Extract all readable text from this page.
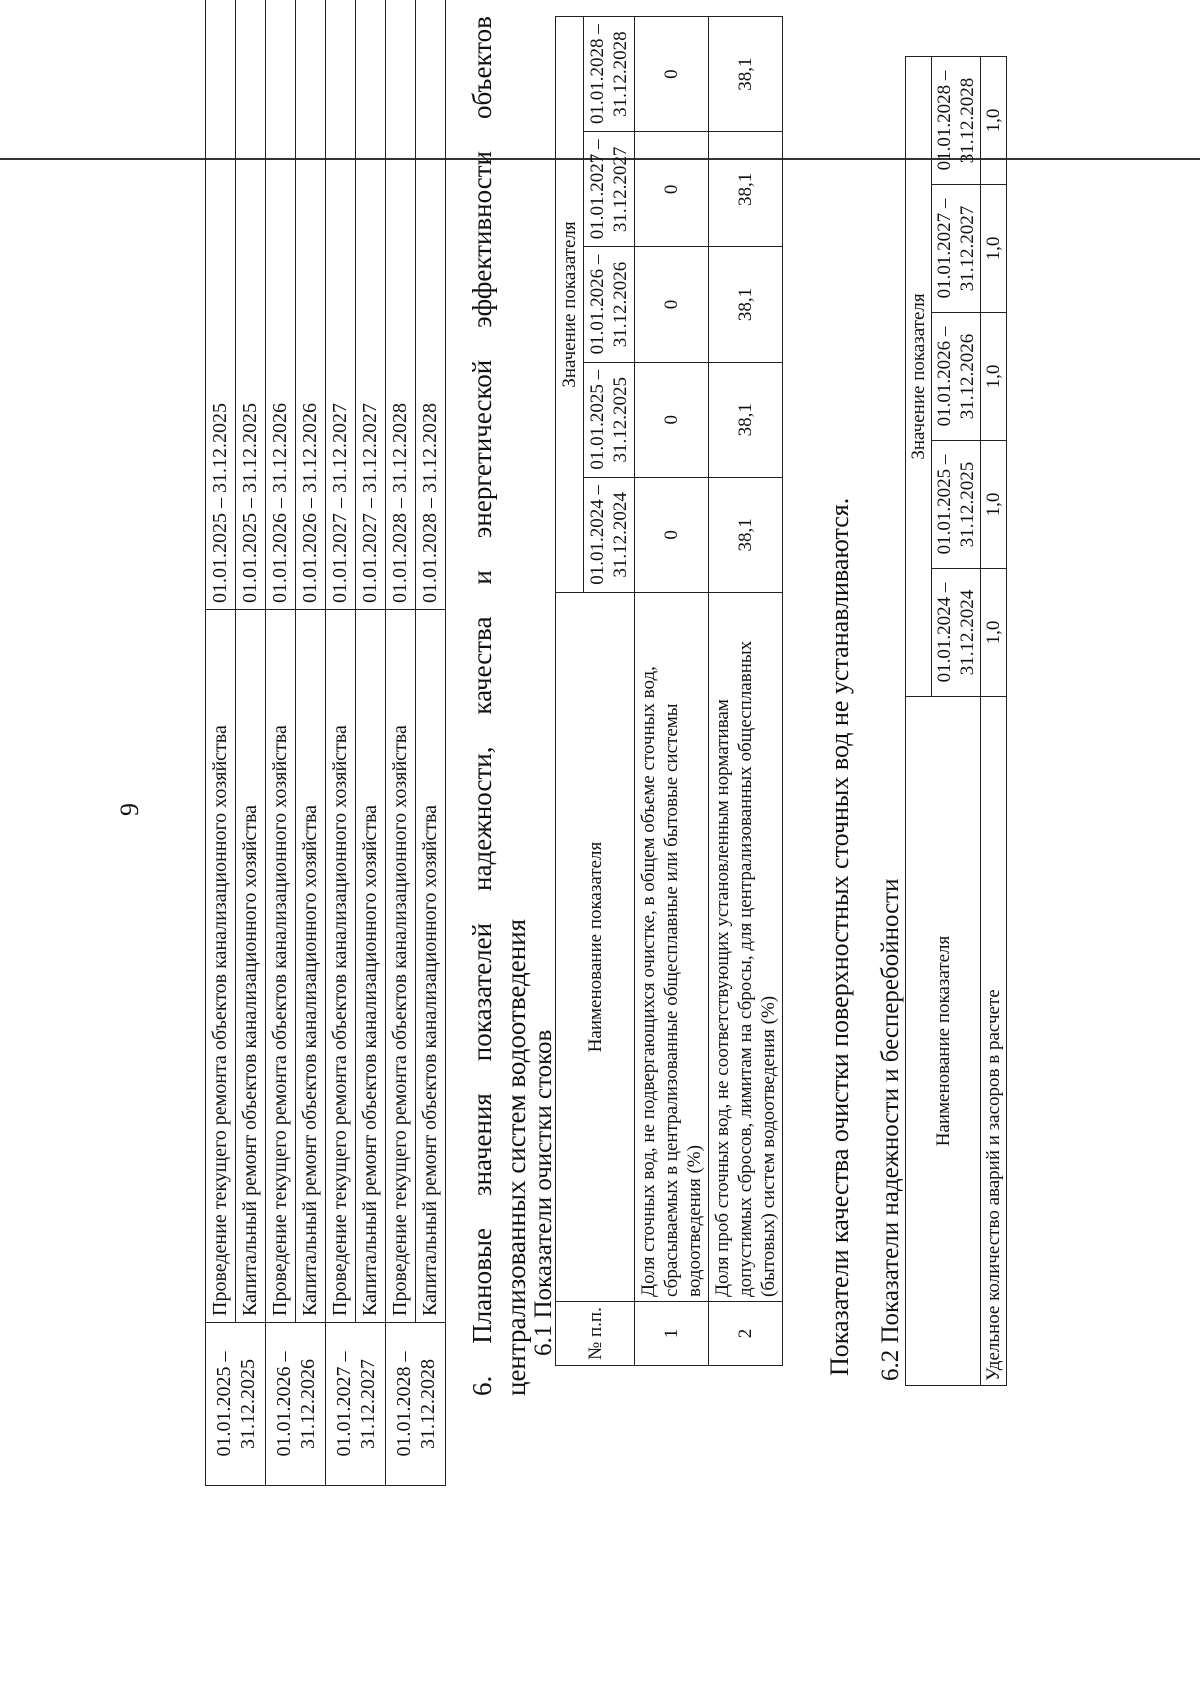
01.01.2025 – 31.12.2025	Проведение текущего ремонта объектов канализационного хозяйства	01.01.2025 – 31.12.2025
	Капитальный ремонт объектов канализационного хозяйства	01.01.2025 – 31.12.2025
01.01.2026 – 31.12.2026	Проведение текущего ремонта объектов канализационного хозяйства	01.01.2026 – 31.12.2026
	Капитальный ремонт объектов канализационного хозяйства	01.01.2026 – 31.12.2026
01.01.2027 – 31.12.2027	Проведение текущего ремонта объектов канализационного хозяйства	01.01.2027 – 31.12.2027
	Капитальный ремонт объектов канализационного хозяйства	01.01.2027 – 31.12.2027
01.01.2028 – 31.12.2028	Проведение текущего ремонта объектов канализационного хозяйства	01.01.2028 – 31.12.2028
	Капитальный ремонт объектов канализационного хозяйства	01.01.2028 – 31.12.2028
9
6.
Плановые
значения
показателей
надежности,
качества
и
энергетической
эффективности
объектов
централизованных систем водоотведения 6.1 Показатели очистки стоков № п.п.	Наименование показателя	Значение показателя				
		01.01.2024 – 31.12.2024	01.01.2025 – 31.12.2025	01.01.2026 – 31.12.2026	01.01.2027 – 31.12.2027	01.01.2028 – 31.12.2028
1	Доля сточных вод, не подвергающихся очистке, в общем объеме сточных вод, сбрасываемых в централизованные общесплавные или бытовые системы водоотведения (%)	0	0	0	0	0
2	Доля проб сточных вод, не соответствующих установленным нормативам допустимых сбросов, лимитам на сбросы, для централизованных общесплавных (бытовых) систем водоотведения (%)	38,1	38,1	38,1	38,1	38,1
Показатели качества очистки поверхностных сточных вод не устанавливаются. 6.2 Показатели надежности и бесперебойности Наименование показателя	Значение показателя				
	01.01.2024 – 31.12.2024	01.01.2025 – 31.12.2025	01.01.2026 – 31.12.2026	01.01.2027 – 31.12.2027	01.01.2028 – 31.12.2028
Удельное количество аварий и засоров в расчете	1,0	1,0	1,0	1,0	1,0
